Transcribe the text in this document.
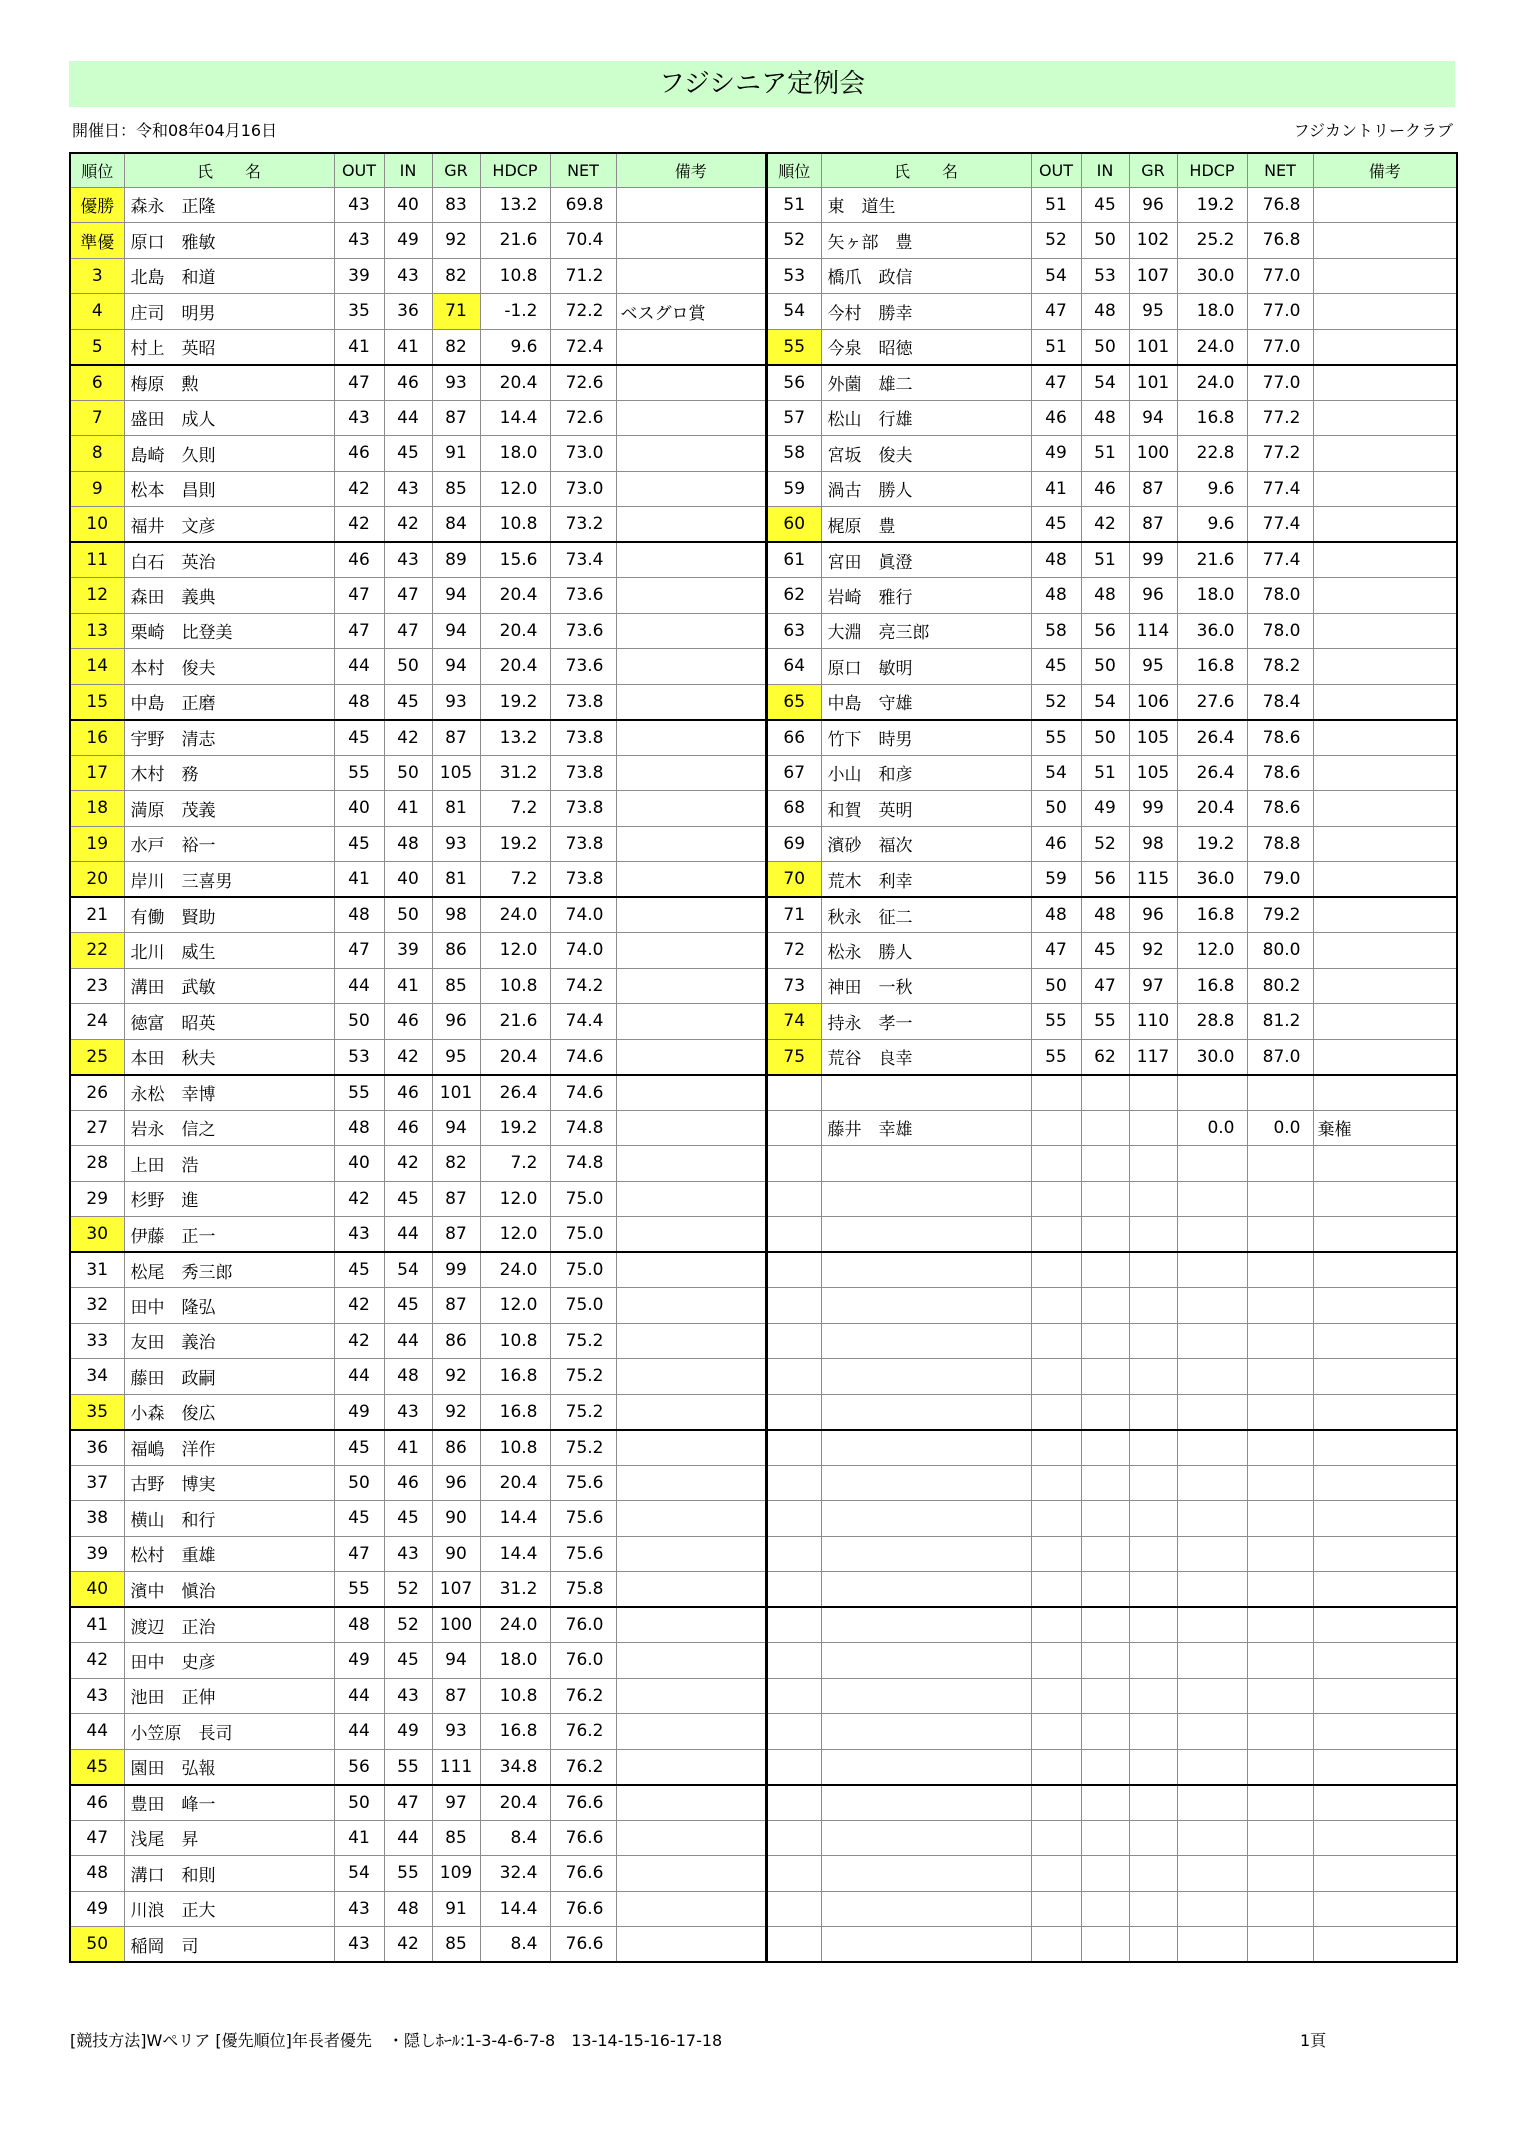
フジシニア定例会
開催日：令和08年04月16日	フジカントリークラブ
順位	氏　　名	OUT	IN	GR	HDCP	NET	備考
優勝	森永　正隆	43	40	83	13.2	69.8	
準優	原口　雅敏	43	49	92	21.6	70.4	
3	北島　和道	39	43	82	10.8	71.2	
4	庄司　明男	35	36	71	-1.2	72.2	ベスグロ賞
5	村上　英昭	41	41	82	9.6	72.4	
6	梅原　勲	47	46	93	20.4	72.6	
7	盛田　成人	43	44	87	14.4	72.6	
8	島崎　久則	46	45	91	18.0	73.0	
9	松本　昌則	42	43	85	12.0	73.0	
10	福井　文彦	42	42	84	10.8	73.2	
11	白石　英治	46	43	89	15.6	73.4	
12	森田　義典	47	47	94	20.4	73.6	
13	栗崎　比登美	47	47	94	20.4	73.6	
14	本村　俊夫	44	50	94	20.4	73.6	
15	中島　正磨	48	45	93	19.2	73.8	
16	宇野　清志	45	42	87	13.2	73.8	
17	木村　務	55	50	105	31.2	73.8	
18	満原　茂義	40	41	81	7.2	73.8	
19	水戸　裕一	45	48	93	19.2	73.8	
20	岸川　三喜男	41	40	81	7.2	73.8	
21	有働　賢助	48	50	98	24.0	74.0	
22	北川　威生	47	39	86	12.0	74.0	
23	溝田　武敏	44	41	85	10.8	74.2	
24	徳富　昭英	50	46	96	21.6	74.4	
25	本田　秋夫	53	42	95	20.4	74.6	
26	永松　幸博	55	46	101	26.4	74.6	
27	岩永　信之	48	46	94	19.2	74.8	
28	上田　浩	40	42	82	7.2	74.8	
29	杉野　進	42	45	87	12.0	75.0	
30	伊藤　正一	43	44	87	12.0	75.0	
31	松尾　秀三郎	45	54	99	24.0	75.0	
32	田中　隆弘	42	45	87	12.0	75.0	
33	友田　義治	42	44	86	10.8	75.2	
34	藤田　政嗣	44	48	92	16.8	75.2	
35	小森　俊広	49	43	92	16.8	75.2	
36	福嶋　洋作	45	41	86	10.8	75.2	
37	古野　博実	50	46	96	20.4	75.6	
38	横山　和行	45	45	90	14.4	75.6	
39	松村　重雄	47	43	90	14.4	75.6	
40	濱中　愼治	55	52	107	31.2	75.8	
41	渡辺　正治	48	52	100	24.0	76.0	
42	田中　史彦	49	45	94	18.0	76.0	
43	池田　正伸	44	43	87	10.8	76.2	
44	小笠原　長司	44	49	93	16.8	76.2	
45	園田　弘報	56	55	111	34.8	76.2	
46	豊田　峰一	50	47	97	20.4	76.6	
47	浅尾　昇	41	44	85	8.4	76.6	
48	溝口　和則	54	55	109	32.4	76.6	
49	川浪　正大	43	48	91	14.4	76.6	
50	稲岡　司	43	42	85	8.4	76.6	
順位	氏　　名	OUT	IN	GR	HDCP	NET	備考
51	東　道生	51	45	96	19.2	76.8	
52	矢ヶ部　豊	52	50	102	25.2	76.8	
53	橋爪　政信	54	53	107	30.0	77.0	
54	今村　勝幸	47	48	95	18.0	77.0	
55	今泉　昭徳	51	50	101	24.0	77.0	
56	外薗　雄二	47	54	101	24.0	77.0	
57	松山　行雄	46	48	94	16.8	77.2	
58	宮坂　俊夫	49	51	100	22.8	77.2	
59	渦古　勝人	41	46	87	9.6	77.4	
60	梶原　豊	45	42	87	9.6	77.4	
61	宮田　眞澄	48	51	99	21.6	77.4	
62	岩崎　雅行	48	48	96	18.0	78.0	
63	大淵　亮三郎	58	56	114	36.0	78.0	
64	原口　敏明	45	50	95	16.8	78.2	
65	中島　守雄	52	54	106	27.6	78.4	
66	竹下　時男	55	50	105	26.4	78.6	
67	小山　和彦	54	51	105	26.4	78.6	
68	和賀　英明	50	49	99	20.4	78.6	
69	濱砂　福次	46	52	98	19.2	78.8	
70	荒木　利幸	59	56	115	36.0	79.0	
71	秋永　征二	48	48	96	16.8	79.2	
72	松永　勝人	47	45	92	12.0	80.0	
73	神田　一秋	50	47	97	16.8	80.2	
74	持永　孝一	55	55	110	28.8	81.2	
75	荒谷　良幸	55	62	117	30.0	87.0	

	藤井　幸雄				0.0	0.0	棄権

[競技方法]Wペリア [優先順位]年長者優先　・隠しﾎｰﾙ:1-3-4-6-7-8　13-14-15-16-17-18	1頁
